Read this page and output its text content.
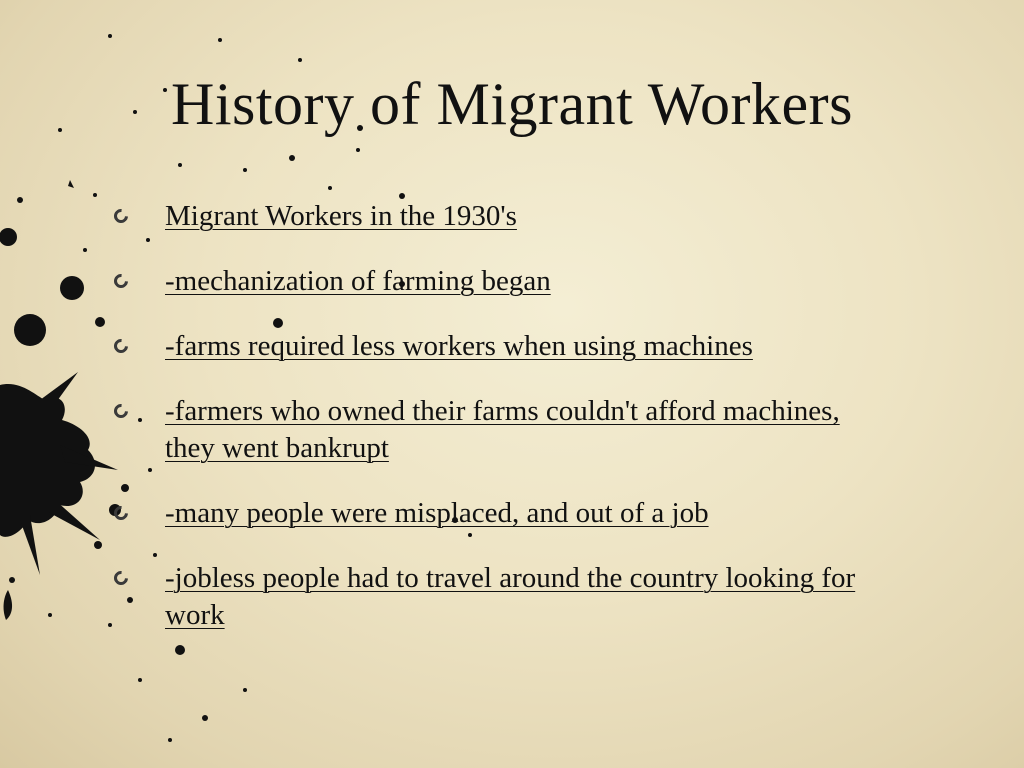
History of Migrant Workers
Migrant Workers in the 1930's
-mechanization of farming began
-farms required less workers when using machines
-farmers who owned their farms couldn't afford machines, they went bankrupt
-many people were misplaced, and out of a job
-jobless people had to travel around the country looking for work
